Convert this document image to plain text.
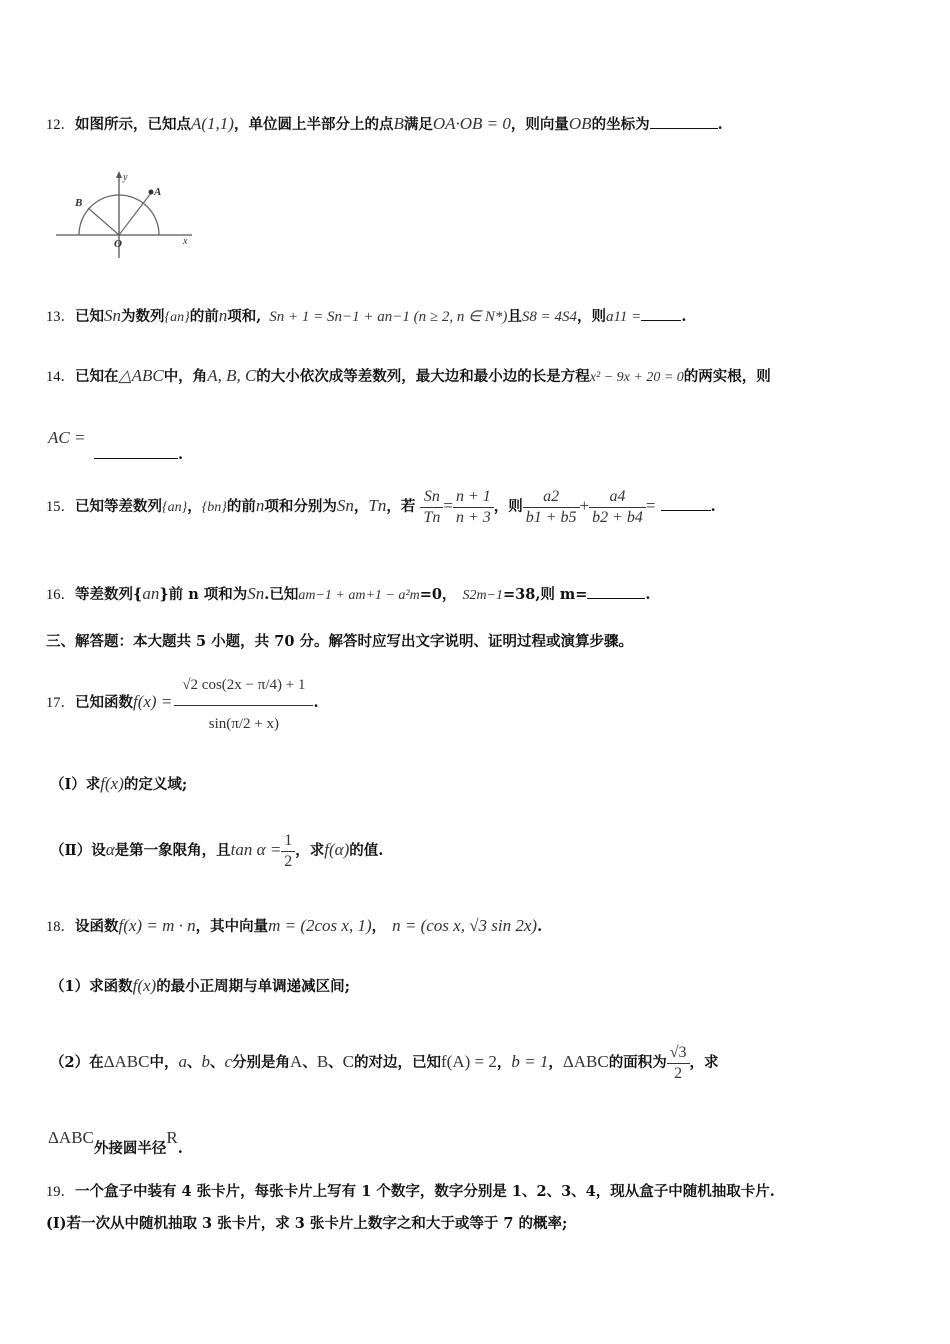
12．如图所示，已知点A(1,1)，单位圆上半部分上的点B满足OA·OB = 0，则向量OB的坐标为	.
y
A
B
O	x
13．已知Sn为数列{an}的前n项和, Sn + 1 = Sn−1 + an−1 (n ≥ 2, n ∈ N*)且S8 = 4S4，则a11 =	.
14．已知在△ABC中，角A, B, C的大小依次成等差数列，最大边和最小边的长是方程x² − 9x + 20 = 0的两实根，则
AC =
.
15．已知等差数列{an}，{bn}的前n项和分别为Sn，Tn，若 $\frac{Sn}{Tn} = \frac{n + 1}{n + 3}$ ，则 $\frac{a2}{b1 + b5} + \frac{a4}{b2 + b4}$ =	.
16．等差数列{an}前 n 项和为Sn.已知am−1 + am+1 − a²m=0， S2m−1=38,则 m=	.
三、解答题：本大题共 5 小题，共 70 分。解答时应写出文字说明、证明过程或演算步骤。
17．已知函数$f(x) = \frac{√2 \cos(2x - \pi/4) + 1}{\sin(\pi/2 + x)}$ .
（Ⅰ）求f(x)的定义域;
（Ⅱ）设α是第一象限角，且$\tan \alpha = \frac{1}{2}$ ，求f(α)的值.
18．设函数f(x) = m · n，其中向量m = (2cos x, 1)， n = (cos x, √3 sin 2x).
（1）求函数f(x)的最小正周期与单调递减区间;
（2）在ΔABC中，a、b、c分别是角A、B、C的对边，已知f(A) = 2，b = 1，ΔABC的面积为 $\frac{√3}{2}$ ，求
ΔABC外接圆半径R.
19．一个盒子中装有 4 张卡片，每张卡片上写有 1 个数字，数字分别是 1、2、3、4，现从盒子中随机抽取卡片.
(I)若一次从中随机抽取 3 张卡片，求 3 张卡片上数字之和大于或等于 7 的概率;
